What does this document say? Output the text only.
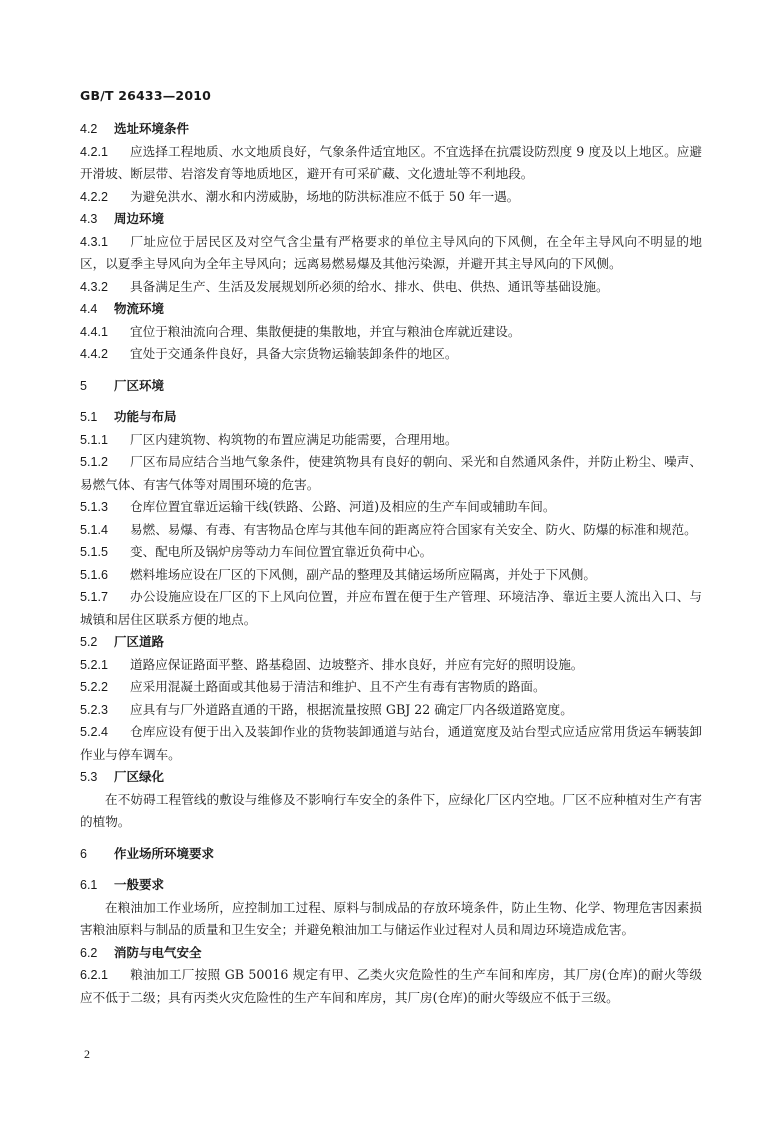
GB/T 26433—2010
4.2 选址环境条件
4.2.1 应选择工程地质、水文地质良好，气象条件适宜地区。不宜选择在抗震设防烈度 9 度及以上地区。应避开滑坡、断层带、岩溶发育等地质地区，避开有可采矿藏、文化遗址等不利地段。
4.2.2 为避免洪水、潮水和内涝威胁，场地的防洪标准应不低于 50 年一遇。
4.3 周边环境
4.3.1 厂址应位于居民区及对空气含尘量有严格要求的单位主导风向的下风侧，在全年主导风向不明显的地区，以夏季主导风向为全年主导风向；远离易燃易爆及其他污染源，并避开其主导风向的下风侧。
4.3.2 具备满足生产、生活及发展规划所必须的给水、排水、供电、供热、通讯等基础设施。
4.4 物流环境
4.4.1 宜位于粮油流向合理、集散便捷的集散地，并宜与粮油仓库就近建设。
4.4.2 宜处于交通条件良好，具备大宗货物运输装卸条件的地区。
5 厂区环境
5.1 功能与布局
5.1.1 厂区内建筑物、构筑物的布置应满足功能需要，合理用地。
5.1.2 厂区布局应结合当地气象条件，使建筑物具有良好的朝向、采光和自然通风条件，并防止粉尘、噪声、易燃气体、有害气体等对周围环境的危害。
5.1.3 仓库位置宜靠近运输干线(铁路、公路、河道)及相应的生产车间或辅助车间。
5.1.4 易燃、易爆、有毒、有害物品仓库与其他车间的距离应符合国家有关安全、防火、防爆的标准和规范。
5.1.5 变、配电所及锅炉房等动力车间位置宜靠近负荷中心。
5.1.6 燃料堆场应设在厂区的下风侧，副产品的整理及其储运场所应隔离，并处于下风侧。
5.1.7 办公设施应设在厂区的下上风向位置，并应布置在便于生产管理、环境洁净、靠近主要人流出入口、与城镇和居住区联系方便的地点。
5.2 厂区道路
5.2.1 道路应保证路面平整、路基稳固、边坡整齐、排水良好，并应有完好的照明设施。
5.2.2 应采用混凝土路面或其他易于清洁和维护、且不产生有毒有害物质的路面。
5.2.3 应具有与厂外道路直通的干路，根据流量按照 GBJ 22 确定厂内各级道路宽度。
5.2.4 仓库应设有便于出入及装卸作业的货物装卸通道与站台，通道宽度及站台型式应适应常用货运车辆装卸作业与停车调车。
5.3 厂区绿化
在不妨碍工程管线的敷设与维修及不影响行车安全的条件下，应绿化厂区内空地。厂区不应种植对生产有害的植物。
6 作业场所环境要求
6.1 一般要求
在粮油加工作业场所，应控制加工过程、原料与制成品的存放环境条件，防止生物、化学、物理危害因素损害粮油原料与制品的质量和卫生安全；并避免粮油加工与储运作业过程对人员和周边环境造成危害。
6.2 消防与电气安全
6.2.1 粮油加工厂按照 GB 50016 规定有甲、乙类火灾危险性的生产车间和库房，其厂房(仓库)的耐火等级应不低于二级；具有丙类火灾危险性的生产车间和库房，其厂房(仓库)的耐火等级应不低于三级。
2
